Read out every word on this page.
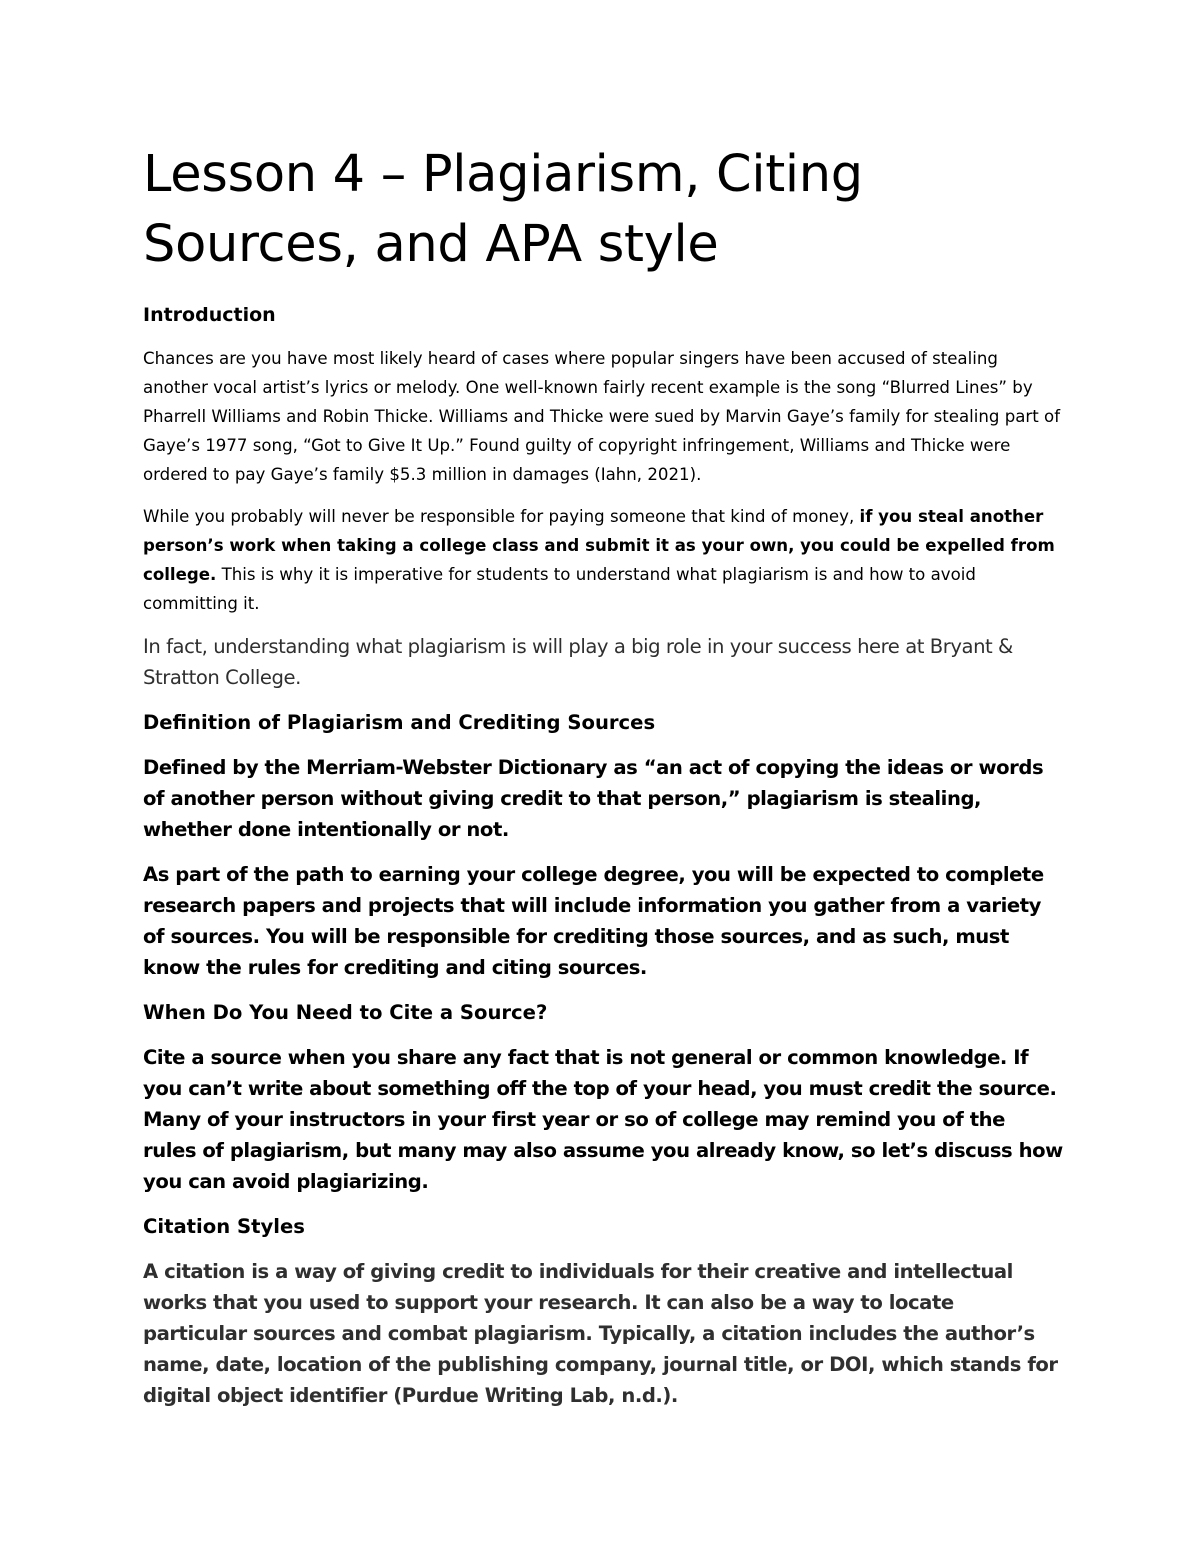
Lesson 4 – Plagiarism, Citing Sources, and APA style

Introduction

Chances are you have most likely heard of cases where popular singers have been accused of stealing another vocal artist’s lyrics or melody. One well-known fairly recent example is the song “Blurred Lines” by Pharrell Williams and Robin Thicke. Williams and Thicke were sued by Marvin Gaye’s family for stealing part of Gaye’s 1977 song, “Got to Give It Up.” Found guilty of copyright infringement, Williams and Thicke were ordered to pay Gaye’s family $5.3 million in damages (Iahn, 2021).

While you probably will never be responsible for paying someone that kind of money, if you steal another person’s work when taking a college class and submit it as your own, you could be expelled from college. This is why it is imperative for students to understand what plagiarism is and how to avoid committing it.

In fact, understanding what plagiarism is will play a big role in your success here at Bryant & Stratton College.

Definition of Plagiarism and Crediting Sources

Defined by the Merriam-Webster Dictionary as “an act of copying the ideas or words of another person without giving credit to that person,” plagiarism is stealing, whether done intentionally or not.

As part of the path to earning your college degree, you will be expected to complete research papers and projects that will include information you gather from a variety of sources. You will be responsible for crediting those sources, and as such, must know the rules for crediting and citing sources.

When Do You Need to Cite a Source?

Cite a source when you share any fact that is not general or common knowledge. If you can’t write about something off the top of your head, you must credit the source. Many of your instructors in your first year or so of college may remind you of the rules of plagiarism, but many may also assume you already know, so let’s discuss how you can avoid plagiarizing.

Citation Styles

A citation is a way of giving credit to individuals for their creative and intellectual works that you used to support your research. It can also be a way to locate particular sources and combat plagiarism. Typically, a citation includes the author’s name, date, location of the publishing company, journal title, or DOI, which stands for digital object identifier (Purdue Writing Lab, n.d.).
